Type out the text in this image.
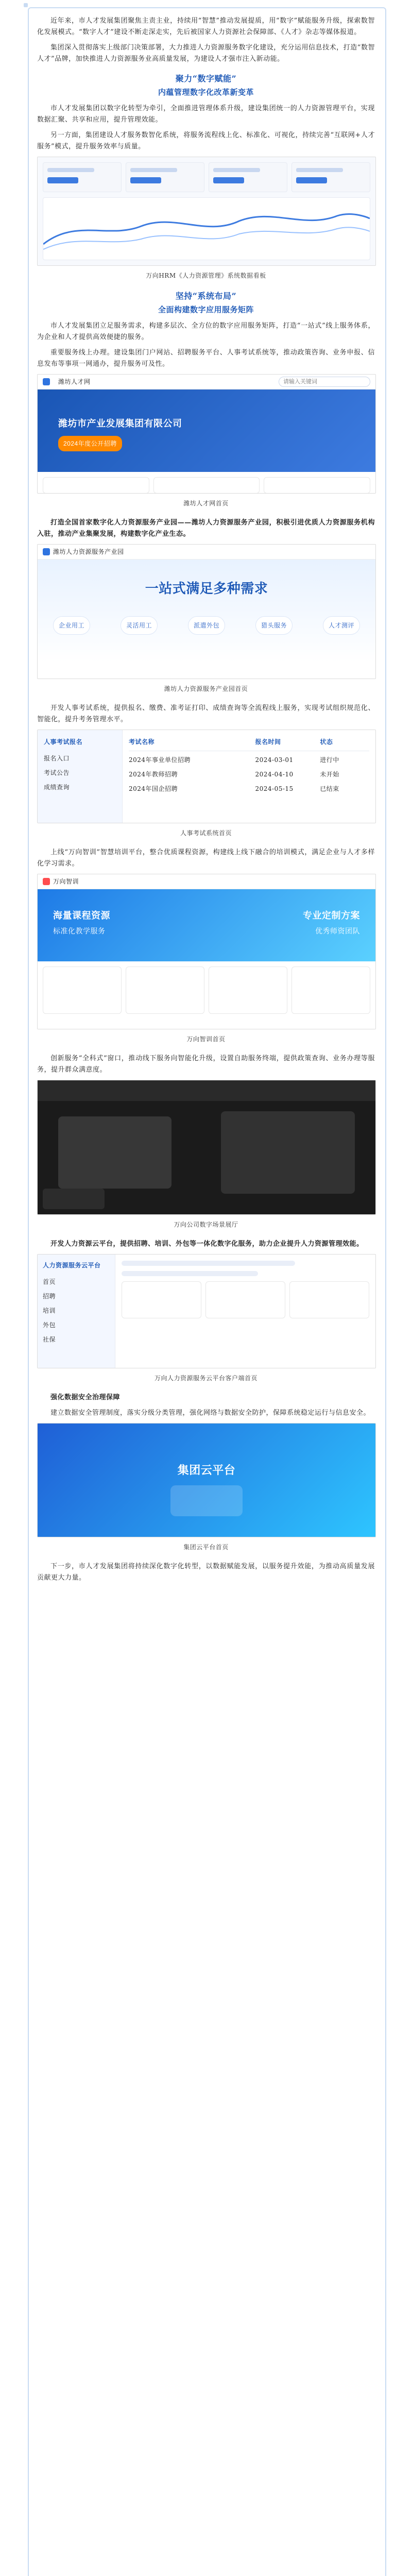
近年来，市人才发展集团聚焦主责主业，持续用“智慧”推动发展提质，用“数字”赋能服务升级，探索数智化发展模式。“数字人才”建设不断走深走实，先后被国家人力资源社会保障部、《人才》杂志等媒体报道。

集团深入贯彻落实上级部门决策部署，大力推进人力资源服务数字化建设，充分运用信息技术，打造“数智人才”品牌，加快推进人力资源服务业高质量发展，为建设人才强市注入新动能。

聚力“数字赋能”
内蕴管理数字化改革新变革

市人才发展集团以数字化转型为牵引，全面推进管理体系升级，建设集团统一的人力资源管理平台，实现数据汇聚、共享和应用，提升管理效能。

另一方面，集团建设人才服务数智化系统，将服务流程线上化、标准化、可视化，持续完善“互联网+人才服务”模式，提升服务效率与质量。

万向HRM《人力资源管理》系统数据看板
坚持“系统布局”
全面构建数字应用服务矩阵

市人才发展集团立足服务需求，构建多层次、全方位的数字应用服务矩阵，打造“一站式”线上服务体系，为企业和人才提供高效便捷的服务。

重要服务线上办理。建设集团门户网站、招聘服务平台、人事考试系统等，推动政策咨询、业务申报、信息发布等事项一网通办，提升服务可及性。

潍坊人才网
请输入关键词
潍坊市产业发展集团有限公司
2024年度公开招聘
潍坊人才网首页

打造全国首家数字化人力资源服务产业园——潍坊人力资源服务产业园，积极引进优质人力资源服务机构入驻，推动产业集聚发展，构建数字化产业生态。

潍坊人力资源服务产业园
一站式满足多种需求
企业用工	灵活用工	派遣外包	猎头服务	人才测评
潍坊人力资源服务产业园首页

开发人事考试系统，提供报名、缴费、准考证打印、成绩查询等全流程线上服务，实现考试组织规范化、智能化，提升考务管理水平。

人事考试报名
报名入口
考试公告
成绩查询
考试名称	报名时间	状态
2024年事业单位招聘	2024-03-01	进行中
2024年教师招聘	2024-04-10	未开始
2024年国企招聘	2024-05-15	已结束
人事考试系统首页

上线“万向智训”智慧培训平台，整合优质课程资源，构建线上线下融合的培训模式，满足企业与人才多样化学习需求。

万向智训
海量课程资源
标准化教学服务
专业定制方案
优秀师资团队
万向智训首页

创新服务“全科式”窗口，推动线下服务向智能化升级，设置自助服务终端，提供政策查询、业务办理等服务，提升群众满意度。

万向公司数字场景展厅

开发人力资源云平台，提供招聘、培训、外包等一体化数字化服务，助力企业提升人力资源管理效能。

人力资源服务云平台
首页
招聘
培训
外包
社保
万向人力资源服务云平台客户端首页

强化数据安全治理保障

建立数据安全管理制度，落实分级分类管理，强化网络与数据安全防护，保障系统稳定运行与信息安全。

集团云平台
集团云平台首页

下一步，市人才发展集团将持续深化数字化转型，以数据赋能发展，以服务提升效能，为推动高质量发展贡献更大力量。
